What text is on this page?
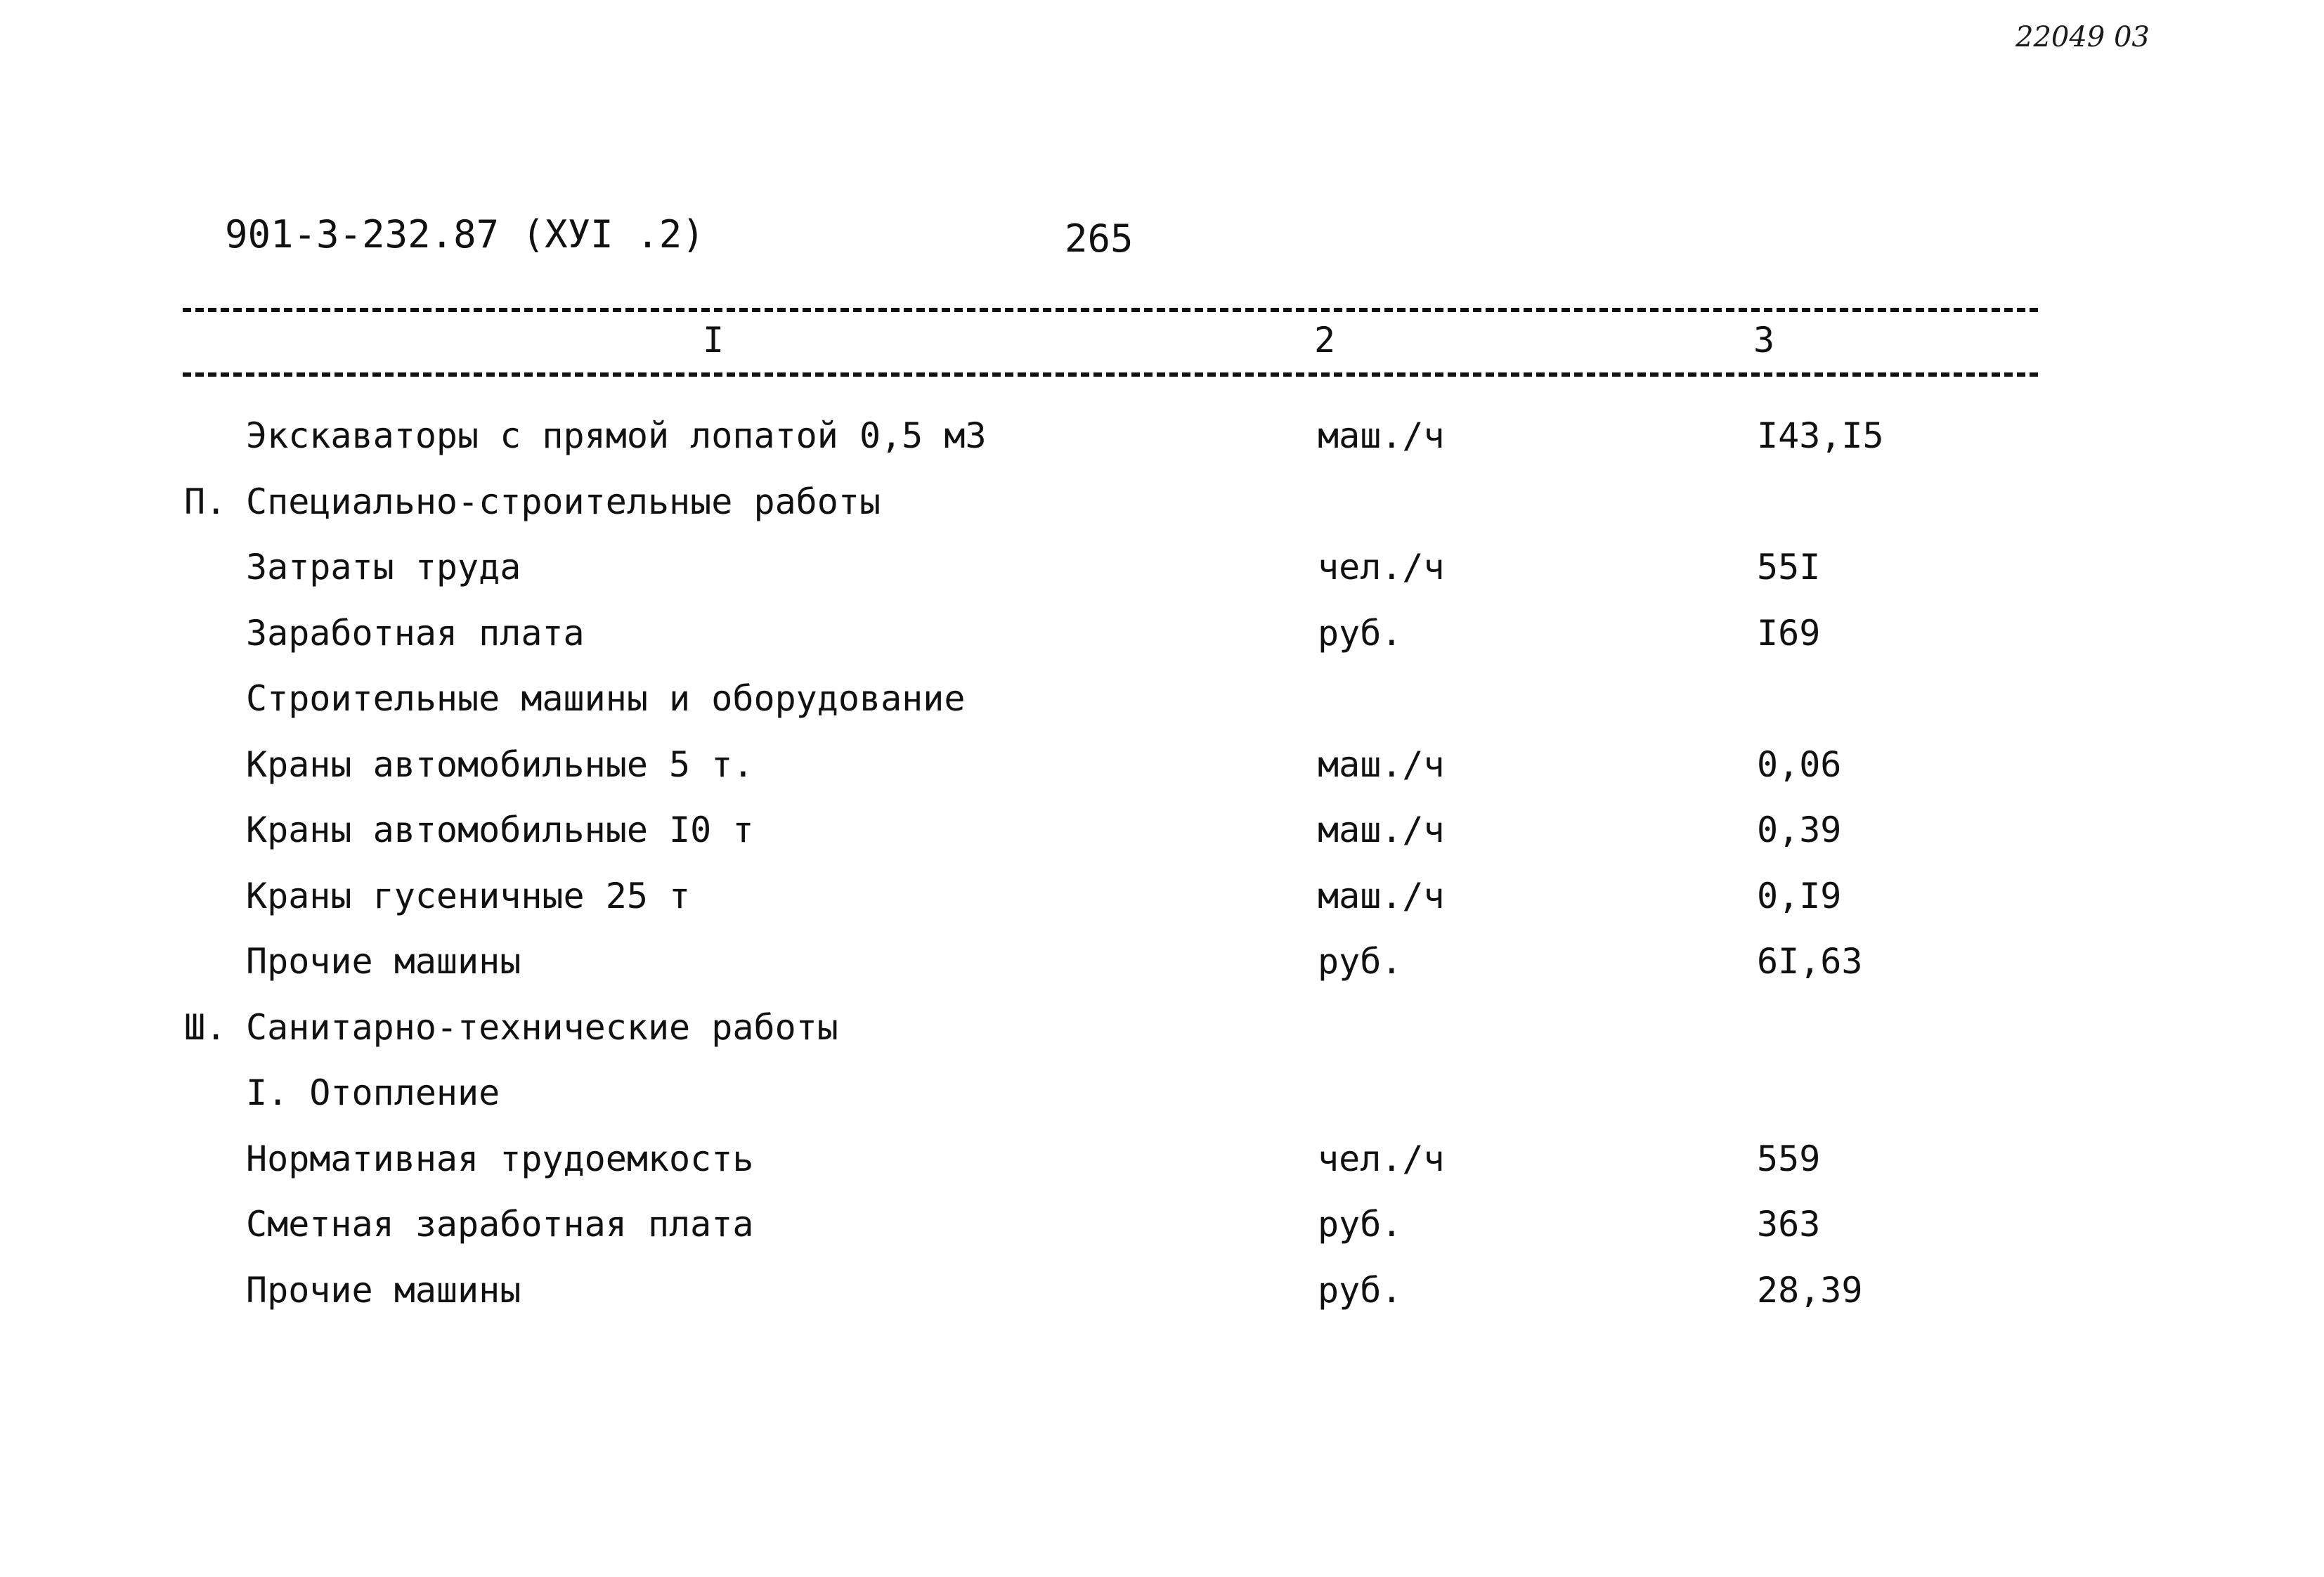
22049 03
901-3-232.87 (ХУI .2)	265
I	2	3
Экскаваторы с прямой лопатой 0,5 м3	маш./ч	I43,I5
П. Специально-строительные работы
Затраты труда	чел./ч	55I
Заработная плата	руб.	I69
Строительные машины и оборудование
Краны автомобильные 5 т.	маш./ч	0,06
Краны автомобильные I0 т	маш./ч	0,39
Краны гусеничные 25 т	маш./ч	0,I9
Прочие машины	руб.	6I,63
Ш. Санитарно-технические работы
I. Отопление
Нормативная трудоемкость	чел./ч	559
Сметная заработная плата	руб.	363
Прочие машины	руб.	28,39
